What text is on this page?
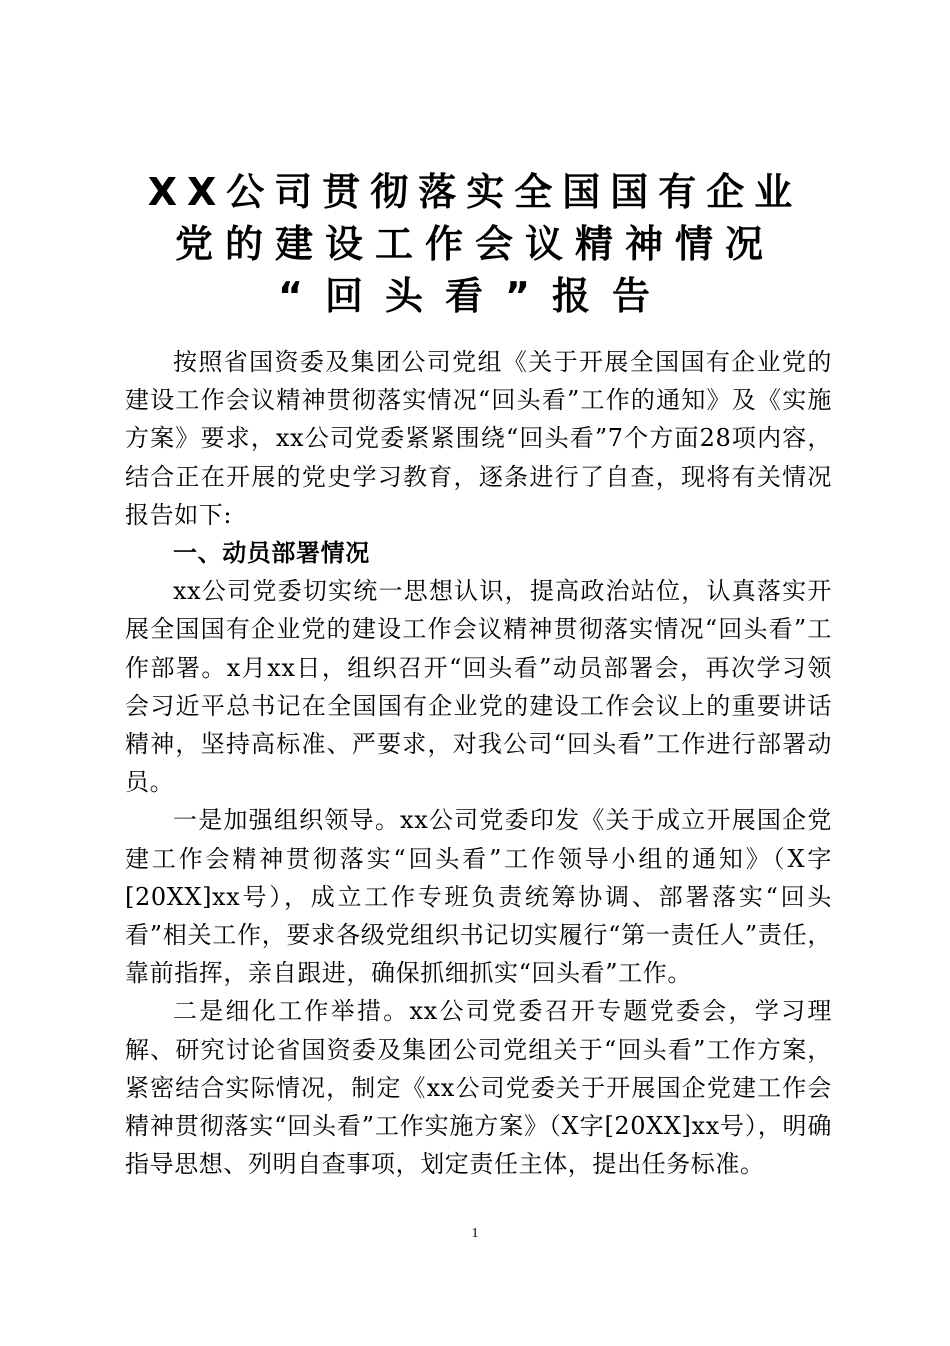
XX公司贯彻落实全国国有企业
党的建设工作会议精神情况
“回头看”报告

按照省国资委及集团公司党组《关于开展全国国有企业党的建设工作会议精神贯彻落实情况“回头看”工作的通知》及《实施方案》要求，xx公司党委紧紧围绕“回头看”7个方面28项内容，结合正在开展的党史学习教育，逐条进行了自查，现将有关情况报告如下:

一、动员部署情况

xx公司党委切实统一思想认识，提高政治站位，认真落实开展全国国有企业党的建设工作会议精神贯彻落实情况“回头看”工作部署。x月xx日，组织召开“回头看”动员部署会，再次学习领会习近平总书记在全国国有企业党的建设工作会议上的重要讲话精神，坚持高标准、严要求，对我公司“回头看”工作进行部署动员。

一是加强组织领导。xx公司党委印发《关于成立开展国企党建工作会精神贯彻落实“回头看”工作领导小组的通知》（X字[20XX]xx号），成立工作专班负责统筹协调、部署落实“回头看”相关工作，要求各级党组织书记切实履行“第一责任人”责任，靠前指挥，亲自跟进，确保抓细抓实“回头看”工作。

二是细化工作举措。xx公司党委召开专题党委会，学习理解、研究讨论省国资委及集团公司党组关于“回头看”工作方案，紧密结合实际情况，制定《xx公司党委关于开展国企党建工作会精神贯彻落实“回头看”工作实施方案》（X字[20XX]xx号），明确指导思想、列明自查事项，划定责任主体，提出任务标准。

1
